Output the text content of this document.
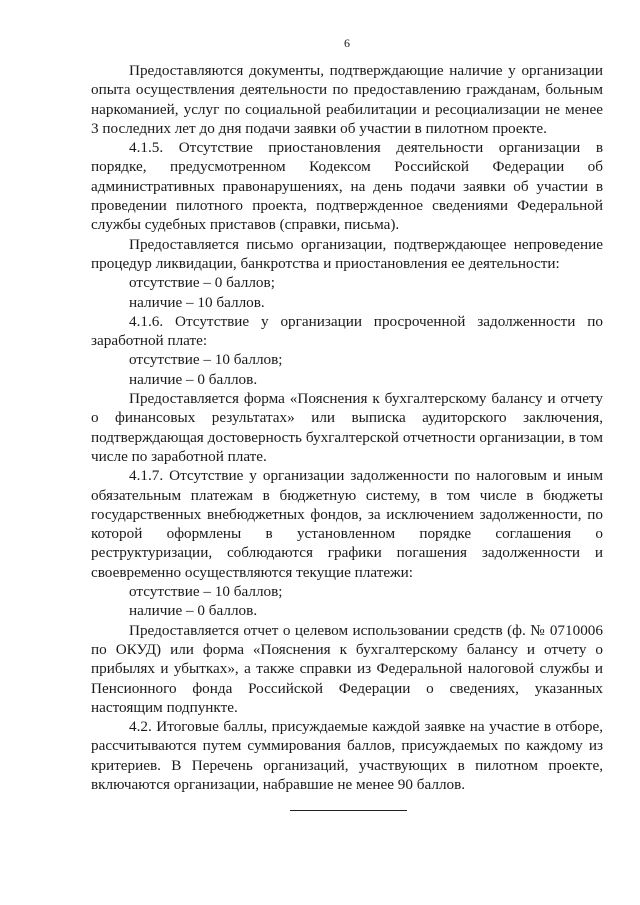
6

Предоставляются документы, подтверждающие наличие у организации опыта осуществления деятельности по предоставлению гражданам, больным наркоманией, услуг по социальной реабилитации и ресоциализации не менее 3 последних лет до дня подачи заявки об участии в пилотном проекте.

4.1.5. Отсутствие приостановления деятельности организации в порядке, предусмотренном Кодексом Российской Федерации об административных правонарушениях, на день подачи заявки об участии в проведении пилотного проекта, подтвержденное сведениями Федеральной службы судебных приставов (справки, письма).

Предоставляется письмо организации, подтверждающее непроведение процедур ликвидации, банкротства и приостановления ее деятельности:

отсутствие – 0 баллов;

наличие – 10 баллов.

4.1.6. Отсутствие у организации просроченной задолженности по заработной плате:

отсутствие – 10 баллов;

наличие – 0 баллов.

Предоставляется форма «Пояснения к бухгалтерскому балансу и отчету о финансовых результатах» или выписка аудиторского заключения, подтверждающая достоверность бухгалтерской отчетности организации, в том числе по заработной плате.

4.1.7. Отсутствие у организации задолженности по налоговым и иным обязательным платежам в бюджетную систему, в том числе в бюджеты государственных внебюджетных фондов, за исключением задолженности, по которой оформлены в установленном порядке соглашения о реструктуризации, соблюдаются графики погашения задолженности и своевременно осуществляются текущие платежи:

отсутствие – 10 баллов;

наличие – 0 баллов.

Предоставляется отчет о целевом использовании средств (ф. № 0710006 по ОКУД) или форма «Пояснения к бухгалтерскому балансу и отчету о прибылях и убытках», а также справки из Федеральной налоговой службы и Пенсионного фонда Российской Федерации о сведениях, указанных настоящим подпункте.

4.2. Итоговые баллы, присуждаемые каждой заявке на участие в отборе, рассчитываются путем суммирования баллов, присуждаемых по каждому из критериев. В Перечень организаций, участвующих в пилотном проекте, включаются организации, набравшие не менее 90 баллов.
